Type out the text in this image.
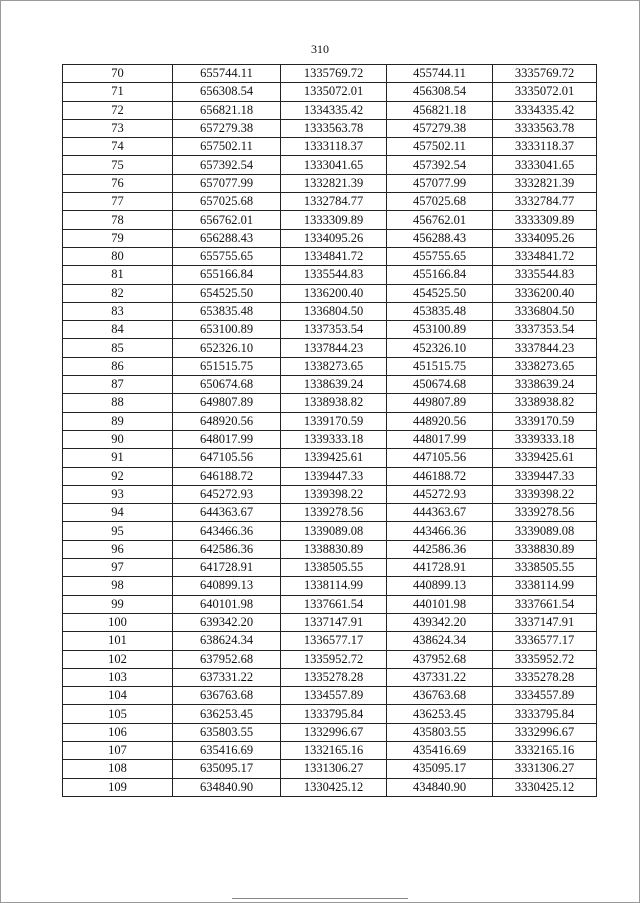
310
70	655744.11	1335769.72	455744.11	3335769.72
71	656308.54	1335072.01	456308.54	3335072.01
72	656821.18	1334335.42	456821.18	3334335.42
73	657279.38	1333563.78	457279.38	3333563.78
74	657502.11	1333118.37	457502.11	3333118.37
75	657392.54	1333041.65	457392.54	3333041.65
76	657077.99	1332821.39	457077.99	3332821.39
77	657025.68	1332784.77	457025.68	3332784.77
78	656762.01	1333309.89	456762.01	3333309.89
79	656288.43	1334095.26	456288.43	3334095.26
80	655755.65	1334841.72	455755.65	3334841.72
81	655166.84	1335544.83	455166.84	3335544.83
82	654525.50	1336200.40	454525.50	3336200.40
83	653835.48	1336804.50	453835.48	3336804.50
84	653100.89	1337353.54	453100.89	3337353.54
85	652326.10	1337844.23	452326.10	3337844.23
86	651515.75	1338273.65	451515.75	3338273.65
87	650674.68	1338639.24	450674.68	3338639.24
88	649807.89	1338938.82	449807.89	3338938.82
89	648920.56	1339170.59	448920.56	3339170.59
90	648017.99	1339333.18	448017.99	3339333.18
91	647105.56	1339425.61	447105.56	3339425.61
92	646188.72	1339447.33	446188.72	3339447.33
93	645272.93	1339398.22	445272.93	3339398.22
94	644363.67	1339278.56	444363.67	3339278.56
95	643466.36	1339089.08	443466.36	3339089.08
96	642586.36	1338830.89	442586.36	3338830.89
97	641728.91	1338505.55	441728.91	3338505.55
98	640899.13	1338114.99	440899.13	3338114.99
99	640101.98	1337661.54	440101.98	3337661.54
100	639342.20	1337147.91	439342.20	3337147.91
101	638624.34	1336577.17	438624.34	3336577.17
102	637952.68	1335952.72	437952.68	3335952.72
103	637331.22	1335278.28	437331.22	3335278.28
104	636763.68	1334557.89	436763.68	3334557.89
105	636253.45	1333795.84	436253.45	3333795.84
106	635803.55	1332996.67	435803.55	3332996.67
107	635416.69	1332165.16	435416.69	3332165.16
108	635095.17	1331306.27	435095.17	3331306.27
109	634840.90	1330425.12	434840.90	3330425.12
